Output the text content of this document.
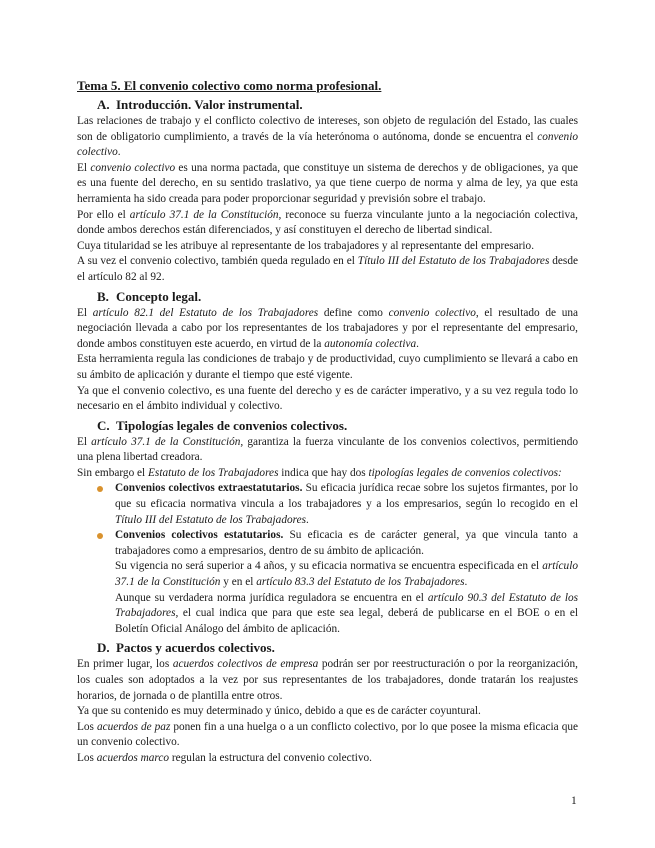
Tema 5. El convenio colectivo como norma profesional.
A. Introducción. Valor instrumental.

Las relaciones de trabajo y el conflicto colectivo de intereses, son objeto de regulación del Estado, las cuales son de obligatorio cumplimiento, a través de la vía heterónoma o autónoma, donde se encuentra el convenio colectivo.

El convenio colectivo es una norma pactada, que constituye un sistema de derechos y de obligaciones, ya que es una fuente del derecho, en su sentido traslativo, ya que tiene cuerpo de norma y alma de ley, ya que esta herramienta ha sido creada para poder proporcionar seguridad y previsión sobre el trabajo.

Por ello el artículo 37.1 de la Constitución, reconoce su fuerza vinculante junto a la negociación colectiva, donde ambos derechos están diferenciados, y así constituyen el derecho de libertad sindical.

Cuya titularidad se les atribuye al representante de los trabajadores y al representante del empresario.

A su vez el convenio colectivo, también queda regulado en el Título III del Estatuto de los Trabajadores desde el artículo 82 al 92.

B. Concepto legal.

El artículo 82.1 del Estatuto de los Trabajadores define como convenio colectivo, el resultado de una negociación llevada a cabo por los representantes de los trabajadores y por el representante del empresario, donde ambos constituyen este acuerdo, en virtud de la autonomía colectiva.

Esta herramienta regula las condiciones de trabajo y de productividad, cuyo cumplimiento se llevará a cabo en su ámbito de aplicación y durante el tiempo que esté vigente.

Ya que el convenio colectivo, es una fuente del derecho y es de carácter imperativo, y a su vez regula todo lo necesario en el ámbito individual y colectivo.

C. Tipologías legales de convenios colectivos.

El artículo 37.1 de la Constitución, garantiza la fuerza vinculante de los convenios colectivos, permitiendo una plena libertad creadora.

Sin embargo el Estatuto de los Trabajadores indica que hay dos tipologías legales de convenios colectivos:

Convenios colectivos extraestatutarios. Su eficacia jurídica recae sobre los sujetos firmantes, por lo que su eficacia normativa vincula a los trabajadores y a los empresarios, según lo recogido en el Título III del Estatuto de los Trabajadores.
Convenios colectivos estatutarios. Su eficacia es de carácter general, ya que vincula tanto a trabajadores como a empresarios, dentro de su ámbito de aplicación.
Su vigencia no será superior a 4 años, y su eficacia normativa se encuentra especificada en el artículo 37.1 de la Constitución y en el artículo 83.3 del Estatuto de los Trabajadores.
Aunque su verdadera norma jurídica reguladora se encuentra en el artículo 90.3 del Estatuto de los Trabajadores, el cual indica que para que este sea legal, deberá de publicarse en el BOE o en el Boletín Oficial Análogo del ámbito de aplicación.
D. Pactos y acuerdos colectivos.

En primer lugar, los acuerdos colectivos de empresa podrán ser por reestructuración o por la reorganización, los cuales son adoptados a la vez por sus representantes de los trabajadores, donde tratarán los reajustes horarios, de jornada o de plantilla entre otros.

Ya que su contenido es muy determinado y único, debido a que es de carácter coyuntural.

Los acuerdos de paz ponen fin a una huelga o a un conflicto colectivo, por lo que posee la misma eficacia que un convenio colectivo.

Los acuerdos marco regulan la estructura del convenio colectivo.

1
